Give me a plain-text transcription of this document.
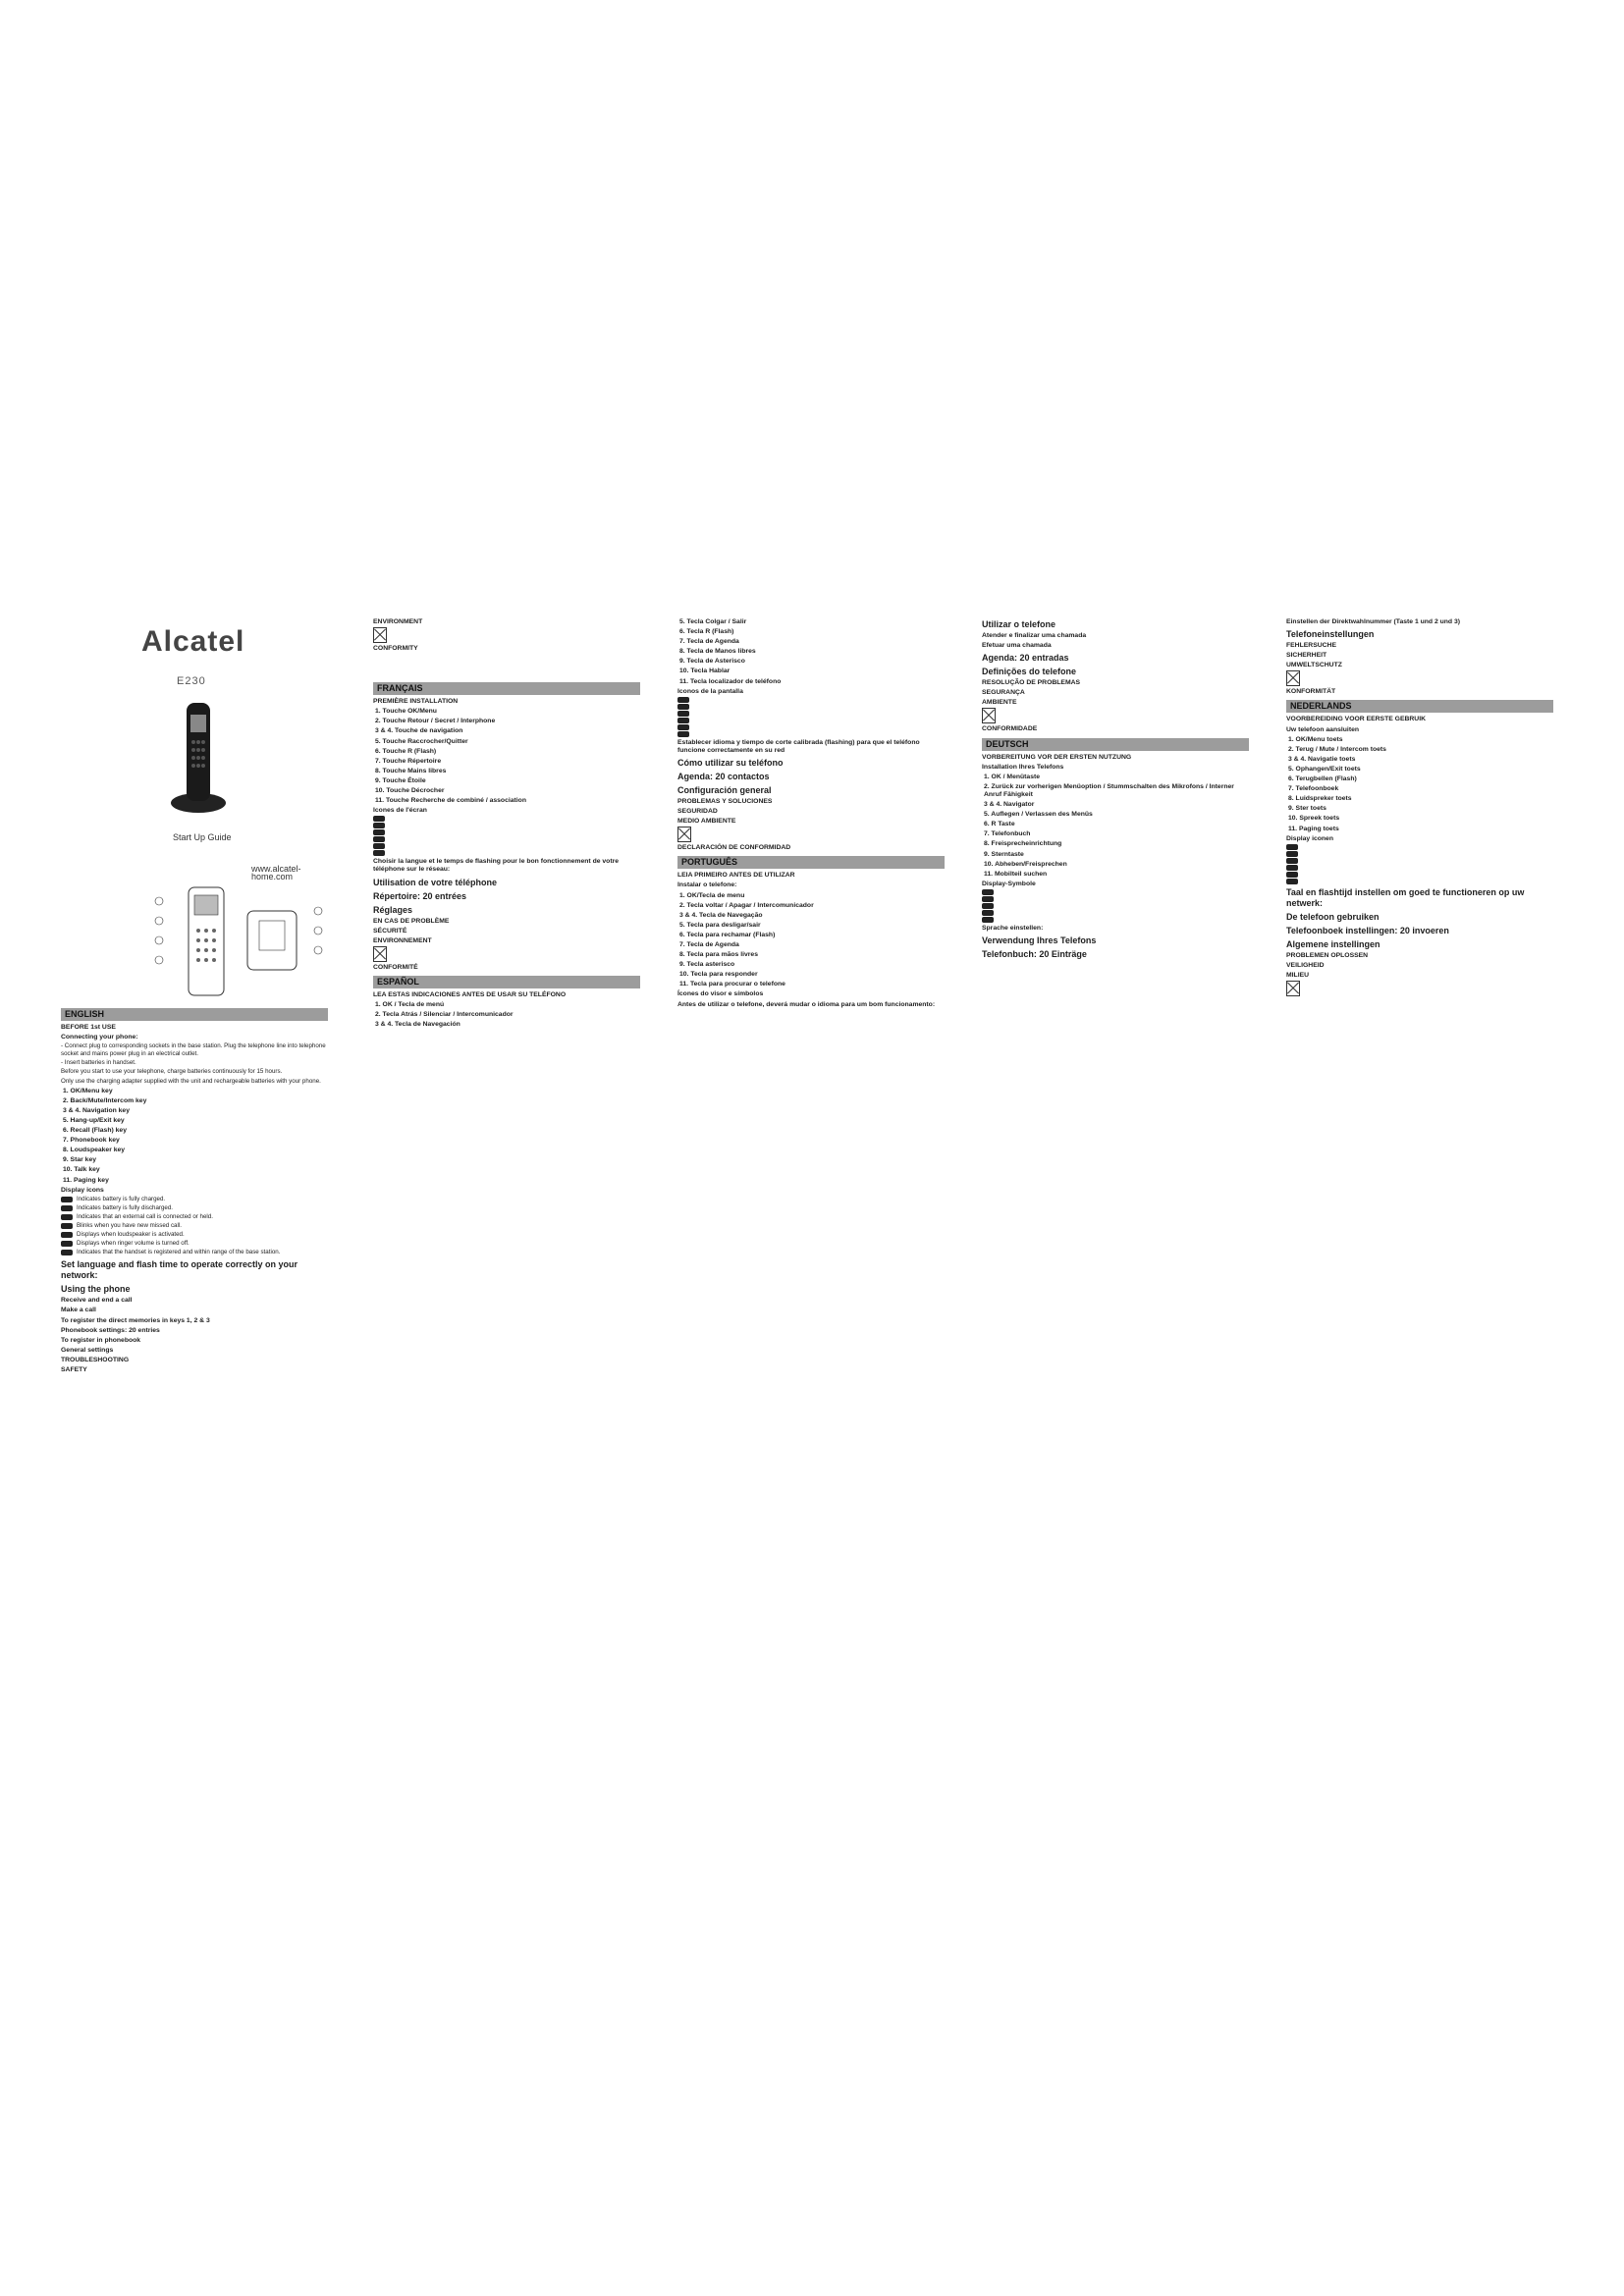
Alcatel
E230
Start Up Guide
www.alcatel-home.com
ENGLISH

BEFORE 1st USE

Connecting your phone:

- Connect plug to corresponding sockets in the base station. Plug the telephone line into telephone socket and mains power plug in an electrical outlet.

- Insert batteries in handset.

Before you start to use your telephone, charge batteries continuously for 15 hours.

Only use the charging adapter supplied with the unit and rechargeable batteries with your phone.

1. OK/Menu key

2. Back/Mute/Intercom key

3 & 4. Navigation key

5. Hang-up/Exit key

6. Recall (Flash) key

7. Phonebook key

8. Loudspeaker key

9. Star key

10. Talk key

11. Paging key

Display icons

Indicates battery is fully charged.
Indicates battery is fully discharged.
Indicates that an external call is connected or held.
Blinks when you have new missed call.
Displays when loudspeaker is activated.
Displays when ringer volume is turned off.
Indicates that the handset is registered and within range of the base station.

Set language and flash time to operate correctly on your network:

Using the phone

Receive and end a call

Make a call

To register the direct memories in keys 1, 2 & 3

Phonebook settings: 20 entries

To register in phonebook

General settings

TROUBLESHOOTING

SAFETY

ENVIRONMENT

CONFORMITY

FRANÇAIS

PREMIÈRE INSTALLATION

1. Touche OK/Menu

2. Touche Retour / Secret / Interphone

3 & 4. Touche de navigation

5. Touche Raccrocher/Quitter

6. Touche R (Flash)

7. Touche Répertoire

8. Touche Mains libres

9. Touche Étoile

10. Touche Décrocher

11. Touche Recherche de combiné / association

Icones de l'écran

Choisir la langue et le temps de flashing pour le bon fonctionnement de votre téléphone sur le réseau:

Utilisation de votre téléphone

Répertoire: 20 entrées

Réglages

EN CAS DE PROBLÈME

SÉCURITÉ

ENVIRONNEMENT

CONFORMITÉ

ESPAÑOL

LEA ESTAS INDICACIONES ANTES DE USAR SU TELÉFONO

1. OK / Tecla de menú

2. Tecla Atrás / Silenciar / Intercomunicador

3 & 4. Tecla de Navegación

5. Tecla Colgar / Salir

6. Tecla R (Flash)

7. Tecla de Agenda

8. Tecla de Manos libres

9. Tecla de Asterisco

10. Tecla Hablar

11. Tecla localizador de teléfono

Iconos de la pantalla

Establecer idioma y tiempo de corte calibrada (flashing) para que el teléfono funcione correctamente en su red

Cómo utilizar su teléfono

Agenda: 20 contactos

Configuración general

PROBLEMAS Y SOLUCIONES

SEGURIDAD

MEDIO AMBIENTE

DECLARACIÓN DE CONFORMIDAD

PORTUGUÊS

LEIA PRIMEIRO ANTES DE UTILIZAR

Instalar o telefone:

1. OK/Tecla de menu

2. Tecla voltar / Apagar / Intercomunicador

3 & 4. Tecla de Navegação

5. Tecla para desligar/sair

6. Tecla para rechamar (Flash)

7. Tecla de Agenda

8. Tecla para mãos livres

9. Tecla asterisco

10. Tecla para responder

11. Tecla para procurar o telefone

Ícones do visor e símbolos

Antes de utilizar o telefone, deverá mudar o idioma para um bom funcionamento:

Utilizar o telefone

Atender e finalizar uma chamada

Efetuar uma chamada

Agenda: 20 entradas

Definições do telefone

RESOLUÇÃO DE PROBLEMAS

SEGURANÇA

AMBIENTE

CONFORMIDADE

DEUTSCH

VORBEREITUNG VOR DER ERSTEN NUTZUNG

Installation Ihres Telefons

1. OK / Menütaste

2. Zurück zur vorherigen Menüoption / Stummschalten des Mikrofons / Interner Anruf Fähigkeit

3 & 4. Navigator

5. Auflegen / Verlassen des Menüs

6. R Taste

7. Telefonbuch

8. Freisprecheinrichtung

9. Sterntaste

10. Abheben/Freisprechen

11. Mobilteil suchen

Display-Symbole

Sprache einstellen:

Verwendung Ihres Telefons

Telefonbuch: 20 Einträge

Einstellen der Direktwahlnummer (Taste 1 und 2 und 3)

Telefoneinstellungen

FEHLERSUCHE

SICHERHEIT

UMWELTSCHUTZ

KONFORMITÄT

NEDERLANDS

VOORBEREIDING VOOR EERSTE GEBRUIK

Uw telefoon aansluiten

1. OK/Menu toets

2. Terug / Mute / Intercom toets

3 & 4. Navigatie toets

5. Ophangen/Exit toets

6. Terugbellen (Flash)

7. Telefoonboek

8. Luidspreker toets

9. Ster toets

10. Spreek toets

11. Paging toets

Display iconen

Taal en flashtijd instellen om goed te functioneren op uw netwerk:

De telefoon gebruiken

Telefoonboek instellingen: 20 invoeren

Algemene instellingen

PROBLEMEN OPLOSSEN

VEILIGHEID

MILIEU
